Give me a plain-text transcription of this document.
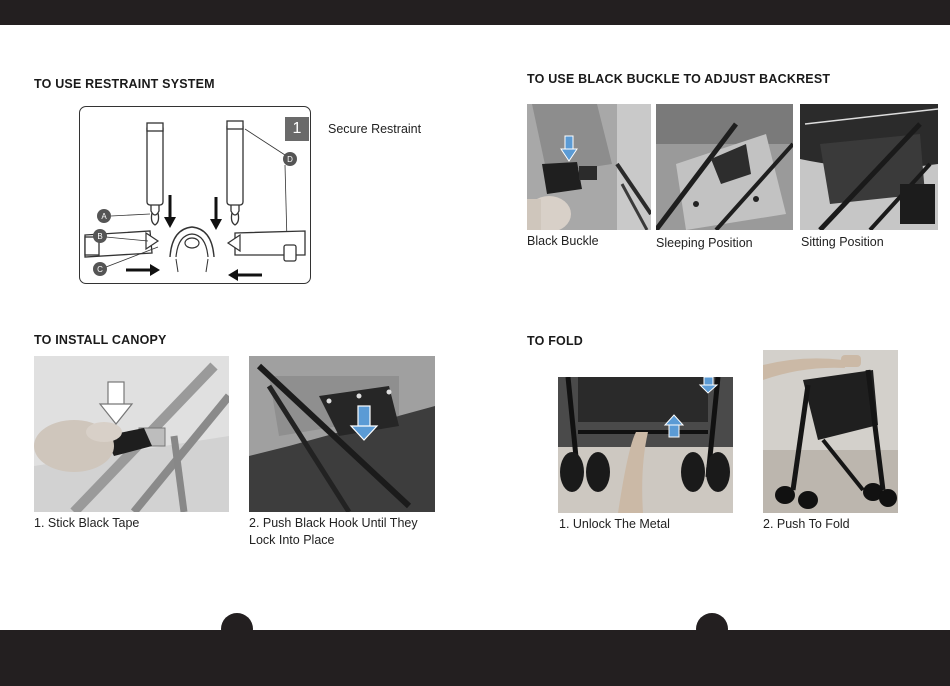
TO USE RESTRAINT SYSTEM
A
B
C
D
1	Secure Restraint
TO USE BLACK BUCKLE TO ADJUST BACKREST
Black Buckle	Sleeping Position	Sitting Position
TO INSTALL CANOPY
1. Stick Black Tape	2. Push Black Hook Until They Lock Into Place
TO FOLD
1. Unlock The Metal	2. Push To Fold
